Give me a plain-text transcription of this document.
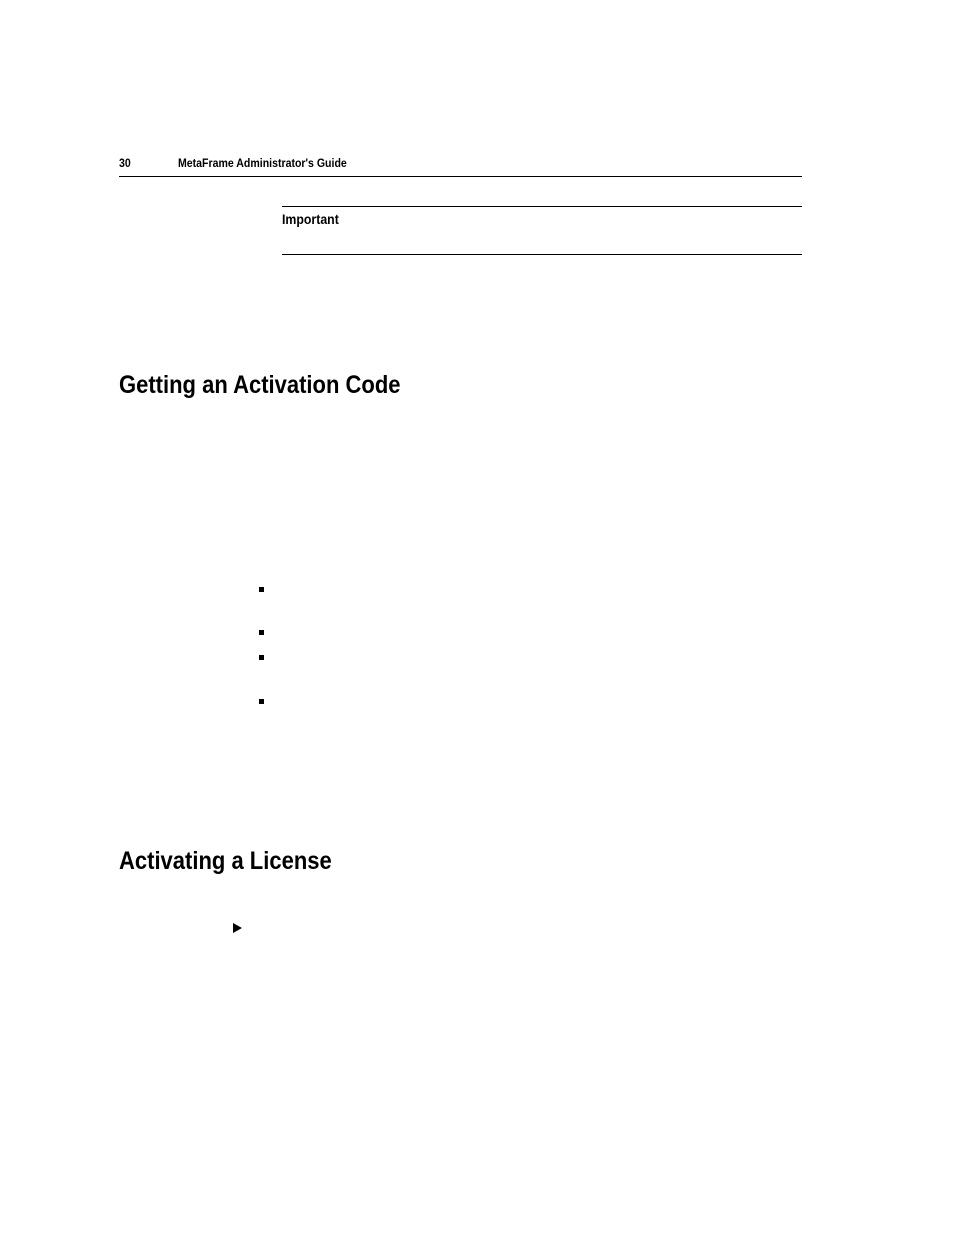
30	MetaFrame Administrator's Guide
Important
Getting an Activation Code
Activating a License
